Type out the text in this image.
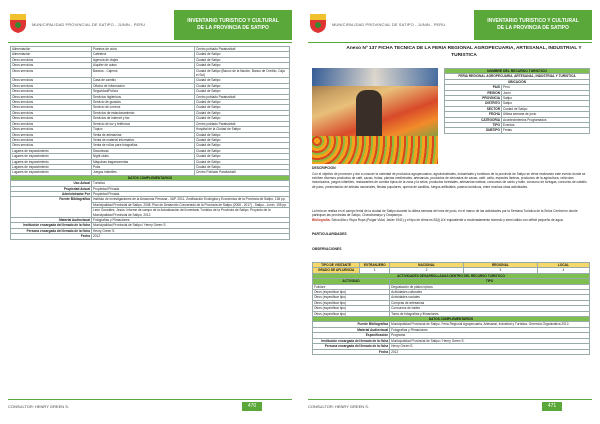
MUNICIPALIDAD PROVINCIAL DE SATIPO - JUNIN - PERU
INVENTARIO TURISTICO Y CULTURAL
DE LA PROVINCIA DE SATIPO
Alimentación	Puestos de cuba	Centro poblado Paratushiali
Alimentación	Cafetería	Ciudad de Satipo
Otros servicios	Agencia de viajes	Ciudad de Satipo
Otros servicios	Alquiler de autos	Ciudad de Satipo
Otros servicios	Bancos - Cajeros	Ciudad de Satipo (Banco de la Nación, Banco de Crédito, Caja el Sol)
Otros servicios	Casa de cambio	Ciudad de Satipo
Otros servicios	Oficina de información	Ciudad de Satipo
Otros servicios	Seguridad/Policía	Ciudad de Satipo
Otros servicios	Servicios higiénicos	Centro poblado Paratushiali
Otros servicios	Servicio de guiados	Ciudad de Satipo
Otros servicios	Servicio de correos	Ciudad de Satipo
Otros servicios	Servicios de estacionamiento	Ciudad de Satipo
Otros servicios	Servicios de internet y fax	Ciudad de Satipo
Otros servicios	Servicio de luz y teléfonos	Centro poblado Paratushiali
Otros servicios	Tópico	Hospital de la Ciudad de Satipo
Otros servicios	Venta de artesanías	Ciudad de Satipo
Otros servicios	Venta de material informativo	Ciudad de Satipo
Otros servicios	Venta de rollos para fotografías	Ciudad de Satipo
Lugares de esparcimiento	Discotecas	Ciudad de Satipo
Lugares de esparcimiento	Night clubs	Ciudad de Satipo
Lugares de esparcimiento	Máquinas tragamonedas	Ciudad de Satipo
Lugares de esparcimiento	Pubs	Ciudad de Satipo
Lugares de esparcimiento	Juegos infantiles	Centro Poblado Paratushiali
DATOS COMPLEMENTARIOS		
Uso Actual	Turístico	
Propiedad Actual	Propiedad Privada	
Administrador Por	Propiedad Privada	
Fuente Bibliográfica	Instituto de Investigaciones de la Amazonía Peruana - IIAP. 2011. Zonificación Ecológica y Económica de la Provincia de Satipo, 136 pp.	
	Municipalidad Provincial de Satipo. 2008. Plan de Desarrollo Concertado de la Provincia de Satipo (2008 - 2017) - Satipo - Junín, 195 pp.	
	León González, Jesús. Informe de campo de la Actualización del Inventario Turístico de la Provincia de Satipo. Proyecto de la Municipalidad Provincial de Satipo, 2012.	
Material Audiovisual	Fotografías y Filmaciones	
Institución encargada del llenado de la ficha	Municipalidad Provincial de Satipo / Henry Green S.	
Persona encargada del llenado de la ficha	Henry Green S.	
Fecha	2012	
CONSULTOR: HENRY GREEN S.	470
MUNICIPALIDAD PROVINCIAL DE SATIPO - JUNIN - PERU
INVENTARIO TURISTICO Y CULTURAL
DE LA PROVINCIA DE SATIPO
Anexo Nº 137 FICHA TECNICA DE LA FERIA REGIONAL AGROPECUARIA, ARTESANAL, INDUSTRIAL Y TURISTICA
NOMBRE DEL RECURSO TURISTICO	
FERIA REGIONAL AGROPECUARIA, ARTESANAL, INDUSTRIAL Y TURISTICA	
UBICACIÓN	
PAIS	Perú
REGION	Junín
PROVINCIA	Satipo
DISTRITO	Satipo
SECTOR	Ciudad de Satipo
FECHA	Última semana de junio
CATEGORIA	Acontecimientos Programados
TIPO	Eventos
SUBTIPO	Ferias
DESCRIPCION
Con el objetivo de promover y dar a conocer la variedad de productos agropecuarios, agroindustriales, industriales y turísticos de la provincia de Satipo se viene realizando este evento donde se exhiben diversos productos de café, cacao, frutas, plantas medicinales, artesanías, productos de derivados de cacao, café, caña, especies lácteos, productos de la agricultura, vehículos motorizados, juegos infantiles, restaurantes de comida típica de la zona y la selva, productos forestales, artesanías nativas, concursos de canto y baile, concurso de tortugas, concurso de caballo de paso, presentación de artistas nacionales, fiestas populares, quema de castillos, fuegos artificiales, paseos turísticos, entre muchas otras actividades.
La feria se realiza en el campo ferial de la ciudad de Satipo durante la última semana del mes de junio, en el marco de las actividades por la Semana Turística de la Selva Central en donde participan las provincias de Satipo, Chanchamayo y Oxapampa.
Bibliografía: Selva Alta o Rupa Rupa (Pulgar Vidal, Javier 1941) y el tipo de clima es B1(i) A'a' equivalente a moderadamente húmedo y semi cálido con déficit pequeño de agua.
PARTICULARIDADES
OBSERVACIONES
TIPO DE VISITANTE	EXTRANJERO	NACIONAL	REGIONAL	LOCAL
GRADO DE AFLUENCIA	1	2	3	4
ACTIVIDADES DESARROLLADAS DENTRO DEL RECURSO TURISTICO				
ACTIVIDAD		TIPO		
Folclore		Degustación de platos típicos		
Otros (especificar tipo)		Actividades culturales		
Otros (especificar tipo)		Actividades sociales		
Otros (especificar tipo)		Compras de artesanías		
Otros (especificar tipo)		Concursos de bailes		
Otros (especificar tipo)		Toma de fotografías y filmaciones		
DATOS COMPLEMENTARIOS				
Fuente Bibliográfica		Municipalidad Provincial de Satipo. Feria Regional Agropecuaria, Artesanal, Industrial y Turística. Gerencia Organizativa 2012.		
Material Audiovisual		Fotografías y Filmaciones		
Especificación		Programa		
Institución encargada del llenado de la ficha		Municipalidad Provincial de Satipo / Henry Green S.		
Persona encargada del llenado de la ficha		Henry Green S.		
Fecha		2012		
CONSULTOR: HENRY GREEN S.	471
